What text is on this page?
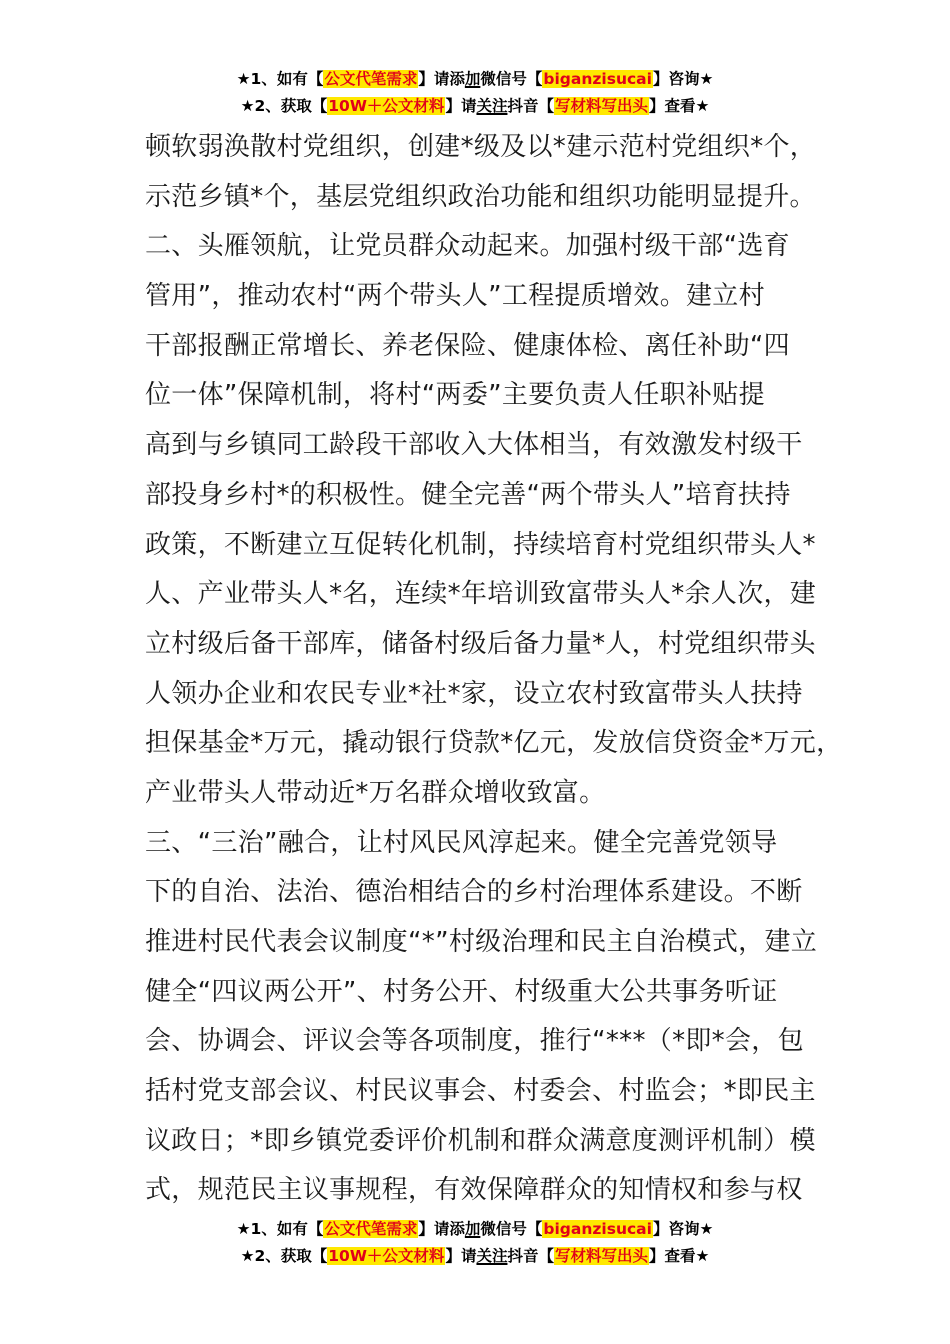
★1、如有【公文代笔需求】请添加微信号【biganzisucai】咨询★
★2、获取【10W＋公文材料】请关注抖音【写材料写出头】查看★
顿软弱涣散村党组织，创建*级及以*建示范村党组织*个，
示范乡镇*个，基层党组织政治功能和组织功能明显提升。
二、头雁领航，让党员群众动起来。加强村级干部“选育
管用”，推动农村“两个带头人”工程提质增效。建立村
干部报酬正常增长、养老保险、健康体检、离任补助“四
位一体”保障机制，将村“两委”主要负责人任职补贴提
高到与乡镇同工龄段干部收入大体相当，有效激发村级干
部投身乡村*的积极性。健全完善“两个带头人”培育扶持
政策，不断建立互促转化机制，持续培育村党组织带头人*
人、产业带头人*名，连续*年培训致富带头人*余人次，建
立村级后备干部库，储备村级后备力量*人，村党组织带头
人领办企业和农民专业*社*家，设立农村致富带头人扶持
担保基金*万元，撬动银行贷款*亿元，发放信贷资金*万元，
产业带头人带动近*万名群众增收致富。
三、“三治”融合，让村风民风淳起来。健全完善党领导
下的自治、法治、德治相结合的乡村治理体系建设。不断
推进村民代表会议制度“*”村级治理和民主自治模式，建立
健全“四议两公开”、村务公开、村级重大公共事务听证
会、协调会、评议会等各项制度，推行“***（*即*会，包
括村党支部会议、村民议事会、村委会、村监会；*即民主
议政日；*即乡镇党委评价机制和群众满意度测评机制）模
式，规范民主议事规程，有效保障群众的知情权和参与权
★1、如有【公文代笔需求】请添加微信号【biganzisucai】咨询★
★2、获取【10W＋公文材料】请关注抖音【写材料写出头】查看★
